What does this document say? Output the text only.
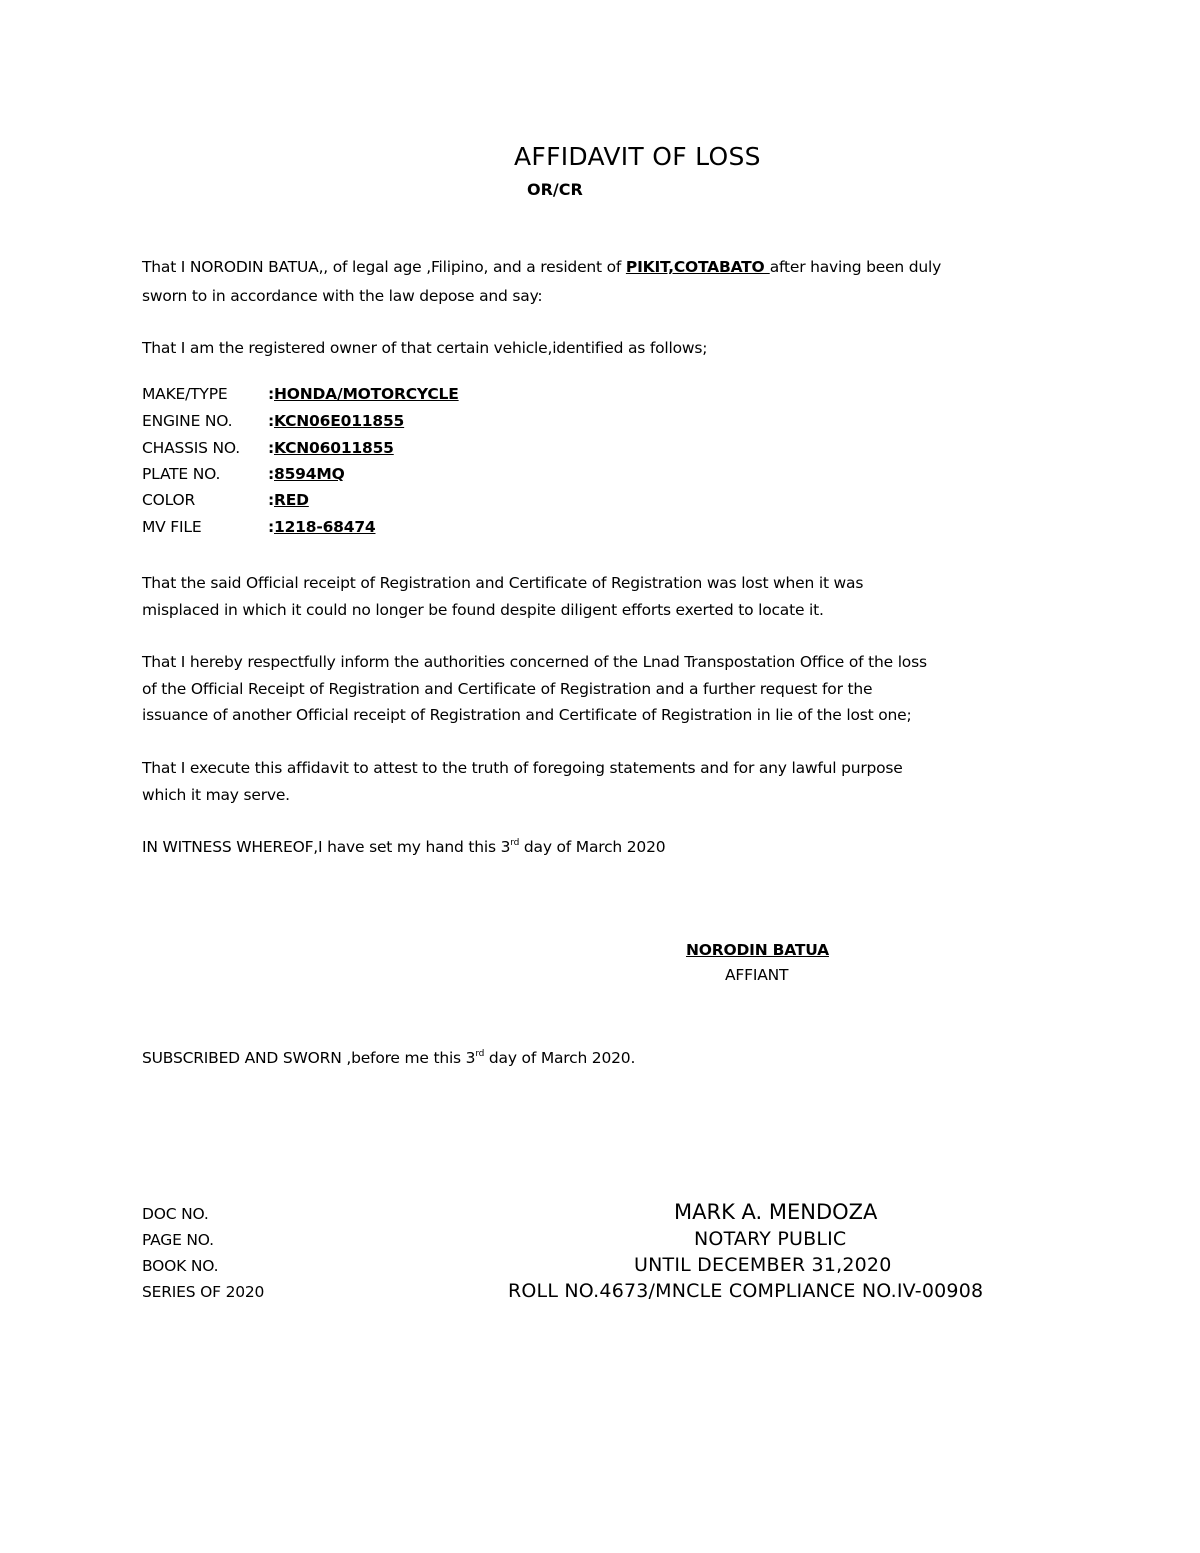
AFFIDAVIT OF LOSS
OR/CR
That I NORODIN BATUA,, of legal age ,Filipino, and a resident of PIKIT,COTABATO after having been duly
sworn to in accordance with the law depose and say:
That I am the registered owner of that certain vehicle,identified as follows;
MAKE/TYPE	:HONDA/MOTORCYCLE
ENGINE NO. :KCN06E011855
CHASSIS NO. :KCN06011855
PLATE NO.	:8594MQ
COLOR	:RED
MV FILE	:1218-68474
That the said Official receipt of Registration and Certificate of Registration was lost when it was
misplaced in which it could no longer be found despite diligent efforts exerted to locate it.
That I hereby respectfully inform the authorities concerned of the Lnad Transpostation Office of the loss
of the Official Receipt of Registration and Certificate of Registration and a further request for the
issuance of another Official receipt of Registration and Certificate of Registration in lie of the lost one;
That I execute this affidavit to attest to the truth of foregoing statements and for any lawful purpose
which it may serve.
IN WITNESS WHEREOF,I have set my hand this 3rd day of March 2020
NORODIN BATUA
AFFIANT
SUBSCRIBED AND SWORN ,before me this 3rd day of March 2020.
DOC NO.
PAGE NO.
BOOK NO.
SERIES OF 2020
MARK A. MENDOZA
NOTARY PUBLIC
UNTIL DECEMBER 31,2020
ROLL NO.4673/MNCLE COMPLIANCE NO.IV-00908
